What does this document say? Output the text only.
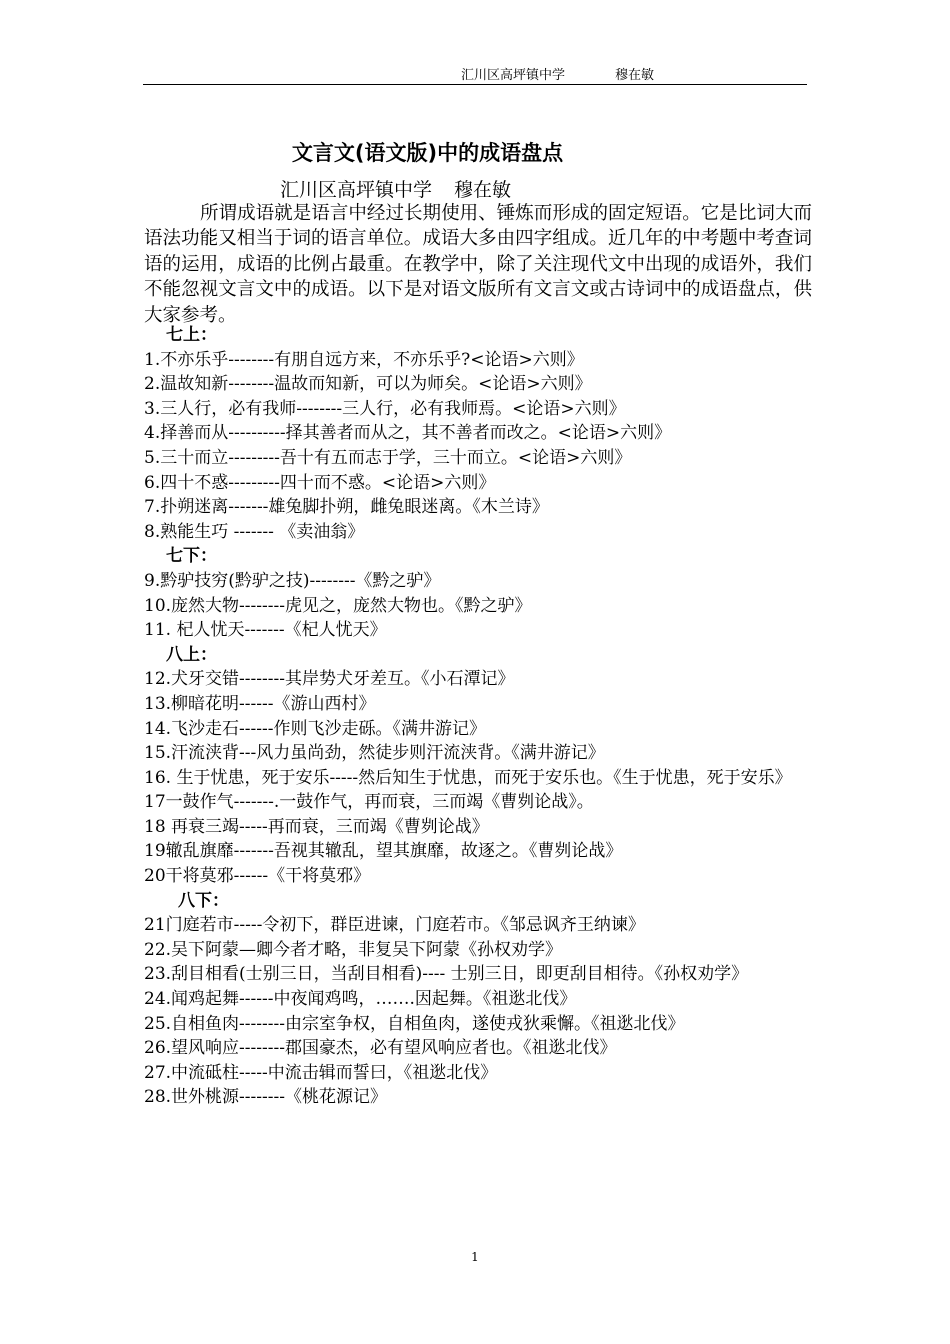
汇川区高坪镇中学	穆在敏
文言文(语文版)中的成语盘点
汇川区高坪镇中学 穆在敏
所谓成语就是语言中经过长期使用、锤炼而形成的固定短语。它是比词大而语法功能又相当于词的语言单位。成语大多由四字组成。近几年的中考题中考查词语的运用，成语的比例占最重。在教学中，除了关注现代文中出现的成语外，我们不能忽视文言文中的成语。以下是对语文版所有文言文或古诗词中的成语盘点，供大家参考。
七上：
1.不亦乐乎--------有朋自远方来，不亦乐乎?<论语>六则》
2.温故知新--------温故而知新，可以为师矣。<论语>六则》
3.三人行，必有我师--------三人行，必有我师焉。<论语>六则》
4.择善而从----------择其善者而从之，其不善者而改之。<论语>六则》
5.三十而立---------吾十有五而志于学，三十而立。<论语>六则》
6.四十不惑---------四十而不惑。<论语>六则》
7.扑朔迷离-------雄兔脚扑朔，雌兔眼迷离。《木兰诗》
8.熟能生巧 ------- 《卖油翁》
七下：
9.黔驴技穷(黔驴之技)--------《黔之驴》
10.庞然大物--------虎见之，庞然大物也。《黔之驴》
11. 杞人忧天-------《杞人忧天》
八上：
12.犬牙交错--------其岸势犬牙差互。《小石潭记》
13.柳暗花明------《游山西村》
14.飞沙走石------作则飞沙走砾。《满井游记》
15.汗流浃背---风力虽尚劲，然徒步则汗流浃背。《满井游记》
16. 生于忧患，死于安乐-----然后知生于忧患，而死于安乐也。《生于忧患，死于安乐》
17一鼓作气-------.一鼓作气，再而衰，三而竭《曹刿论战》。
18 再衰三竭-----再而衰，三而竭《曹刿论战》
19辙乱旗靡-------吾视其辙乱，望其旗靡，故逐之。《曹刿论战》
20干将莫邪------《干将莫邪》
八下：
21门庭若市-----令初下，群臣进谏，门庭若市。《邹忌讽齐王纳谏》
22.吴下阿蒙—卿今者才略，非复吴下阿蒙《孙权劝学》
23.刮目相看(士别三日，当刮目相看)---- 士别三日，即更刮目相待。《孙权劝学》
24.闻鸡起舞------中夜闻鸡鸣，…….因起舞。《祖逖北伐》
25.自相鱼肉--------由宗室争权，自相鱼肉，遂使戎狄乘懈。《祖逖北伐》
26.望风响应--------郡国豪杰，必有望风响应者也。《祖逖北伐》
27.中流砥柱-----中流击辑而誓曰，《祖逖北伐》
28.世外桃源--------《桃花源记》
1
